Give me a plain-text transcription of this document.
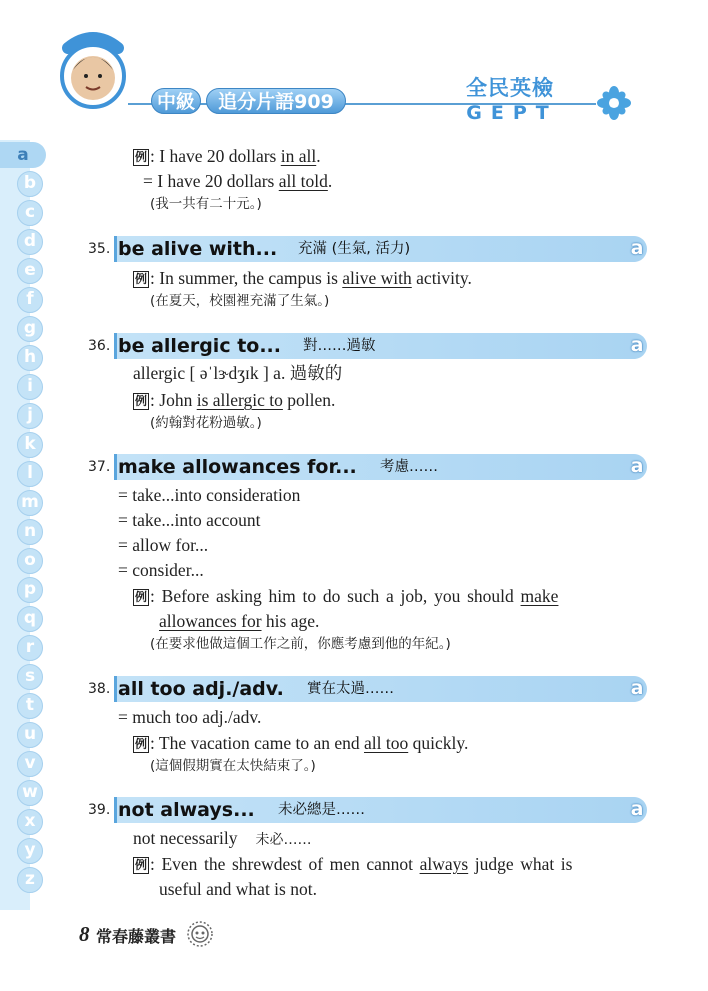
劉世鍵全民英檢
中級	追分片語909
全民英檢
GEPT
a
b
c
d
e
f
g
h
i
j
k
l
m
n
o
p
q
r
s
t
u
v
w
x
y
z
例 : I have 20 dollars in all.
= I have 20 dollars all told.
(我一共有二十元。)
35. be alive with... 充滿 (生氣, 活力)	a
例 : In summer, the campus is alive with activity.
(在夏天，校園裡充滿了生氣。)
36. be allergic to... 對……過敏	a
allergic [ əˈlɝdʒɪk ] a. 過敏的
例 : John is allergic to pollen.
(約翰對花粉過敏。)
37. make allowances for... 考慮……	a
= take...into consideration
= take...into account
= allow for...
= consider...
例 : Before asking him to do such a job, you should make
allowances for his age.
(在要求他做這個工作之前，你應考慮到他的年紀。)
38. all too adj./adv. 實在太過……	a
= much too adj./adv.
例 : The vacation came to an end all too quickly.
(這個假期實在太快結束了。)
39. not always... 未必總是……	a
not necessarily 未必……
例 : Even the shrewdest of men cannot always judge what is
useful and what is not.
8 常春藤叢書
